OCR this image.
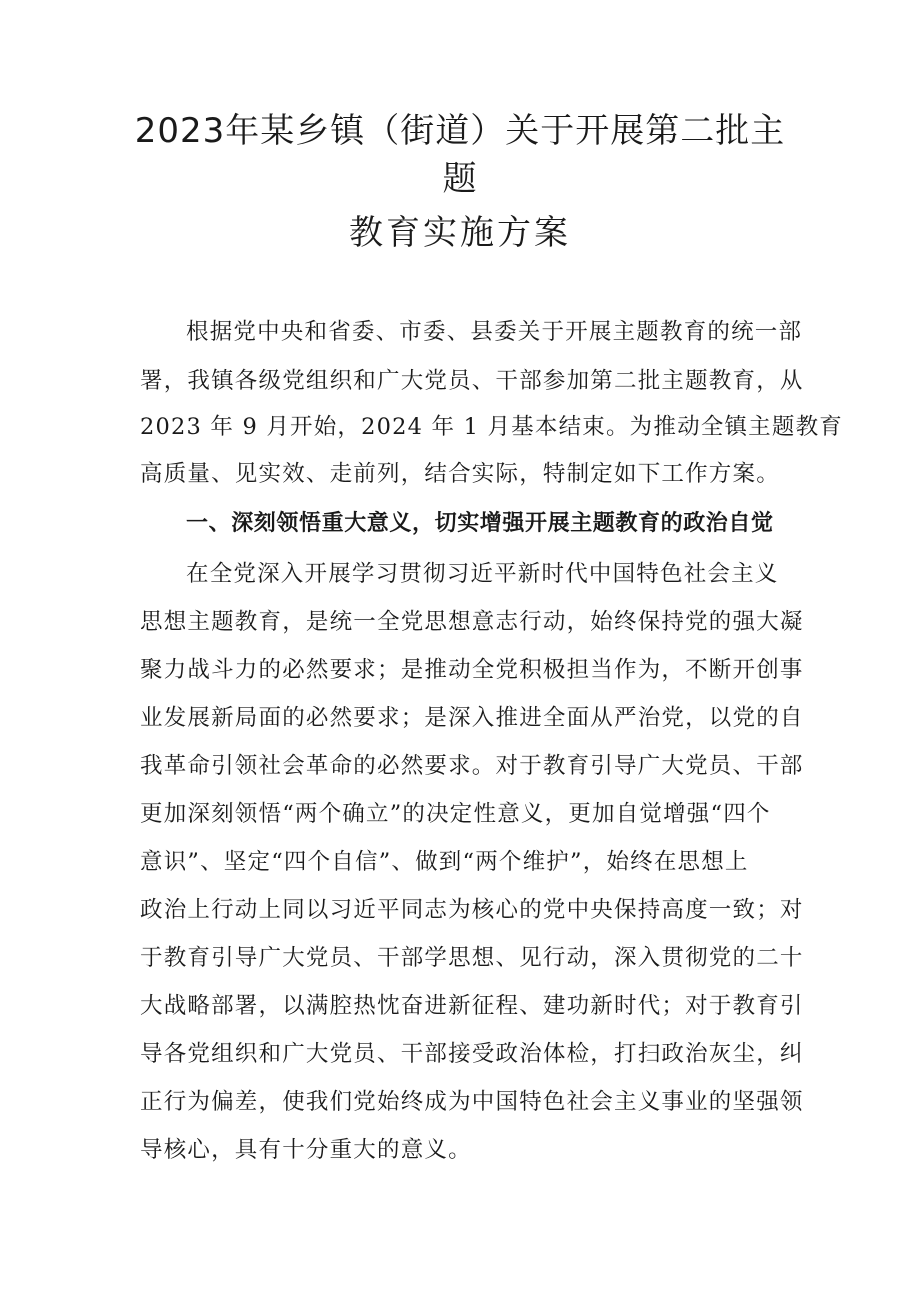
2023年某乡镇（街道）关于开展第二批主
题
教育实施方案
根据党中央和省委、市委、县委关于开展主题教育的统一部
署，我镇各级党组织和广大党员、干部参加第二批主题教育，从
2023 年 9 月开始，2024 年 1 月基本结束。为推动全镇主题教育
高质量、见实效、走前列，结合实际，特制定如下工作方案。
一、深刻领悟重大意义，切实增强开展主题教育的政治自觉
在全党深入开展学习贯彻习近平新时代中国特色社会主义
思想主题教育，是统一全党思想意志行动，始终保持党的强大凝
聚力战斗力的必然要求；是推动全党积极担当作为，不断开创事
业发展新局面的必然要求；是深入推进全面从严治党，以党的自
我革命引领社会革命的必然要求。对于教育引导广大党员、干部
更加深刻领悟“两个确立”的决定性意义，更加自觉增强“四个
意识”、坚定“四个自信”、做到“两个维护”，始终在思想上
政治上行动上同以习近平同志为核心的党中央保持高度一致；对
于教育引导广大党员、干部学思想、见行动，深入贯彻党的二十
大战略部署，以满腔热忱奋进新征程、建功新时代；对于教育引
导各党组织和广大党员、干部接受政治体检，打扫政治灰尘，纠
正行为偏差，使我们党始终成为中国特色社会主义事业的坚强领
导核心，具有十分重大的意义。
